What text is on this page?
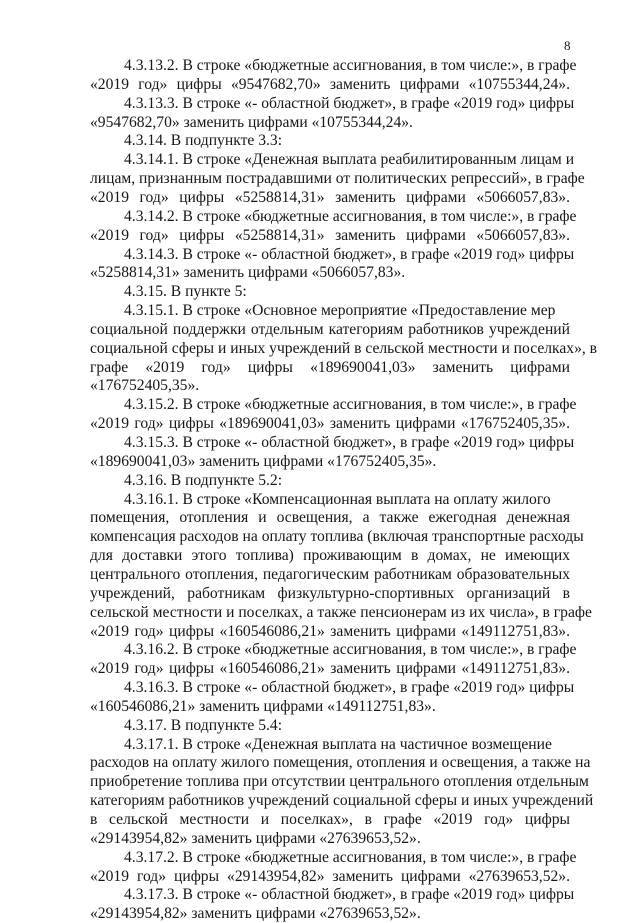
8
4.3.13.2. В строке «бюджетные ассигнования, в том числе:», в графе
«2019 год» цифры «9547682,70» заменить цифрами «10755344,24».
4.3.13.3. В строке «- областной бюджет», в графе «2019 год» цифры
«9547682,70» заменить цифрами «10755344,24».
4.3.14. В подпункте 3.3:
4.3.14.1. В строке «Денежная выплата реабилитированным лицам и
лицам, признанным пострадавшими от политических репрессий», в графе
«2019 год» цифры «5258814,31» заменить цифрами «5066057,83».
4.3.14.2. В строке «бюджетные ассигнования, в том числе:», в графе
«2019 год» цифры «5258814,31» заменить цифрами «5066057,83».
4.3.14.3. В строке «- областной бюджет», в графе «2019 год» цифры
«5258814,31» заменить цифрами «5066057,83».
4.3.15. В пункте 5:
4.3.15.1. В строке «Основное мероприятие «Предоставление мер
социальной поддержки отдельным категориям работников учреждений
социальной сферы и иных учреждений в сельской местности и поселках», в
графе «2019 год» цифры «189690041,03» заменить цифрами
«176752405,35».
4.3.15.2. В строке «бюджетные ассигнования, в том числе:», в графе
«2019 год» цифры «189690041,03» заменить цифрами «176752405,35».
4.3.15.3. В строке «- областной бюджет», в графе «2019 год» цифры
«189690041,03» заменить цифрами «176752405,35».
4.3.16. В подпункте 5.2:
4.3.16.1. В строке «Компенсационная выплата на оплату жилого
помещения, отопления и освещения, а также ежегодная денежная
компенсация расходов на оплату топлива (включая транспортные расходы
для доставки этого топлива) проживающим в домах, не имеющих
центрального отопления, педагогическим работникам образовательных
учреждений, работникам физкультурно-спортивных организаций в
сельской местности и поселках, а также пенсионерам из их числа», в графе
«2019 год» цифры «160546086,21» заменить цифрами «149112751,83».
4.3.16.2. В строке «бюджетные ассигнования, в том числе:», в графе
«2019 год» цифры «160546086,21» заменить цифрами «149112751,83».
4.3.16.3. В строке «- областной бюджет», в графе «2019 год» цифры
«160546086,21» заменить цифрами «149112751,83».
4.3.17. В подпункте 5.4:
4.3.17.1. В строке «Денежная выплата на частичное возмещение
расходов на оплату жилого помещения, отопления и освещения, а также на
приобретение топлива при отсутствии центрального отопления отдельным
категориям работников учреждений социальной сферы и иных учреждений
в сельской местности и поселках», в графе «2019 год» цифры
«29143954,82» заменить цифрами «27639653,52».
4.3.17.2. В строке «бюджетные ассигнования, в том числе:», в графе
«2019 год» цифры «29143954,82» заменить цифрами «27639653,52».
4.3.17.3. В строке «- областной бюджет», в графе «2019 год» цифры
«29143954,82» заменить цифрами «27639653,52».
